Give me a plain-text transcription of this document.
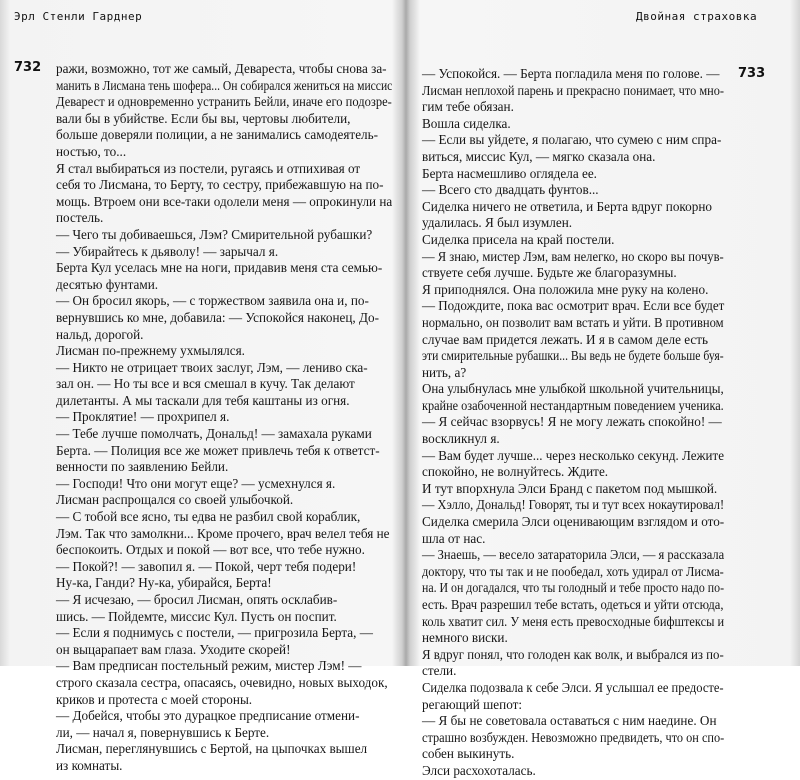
Эрл Стенли Гарднер
732 ражи, возможно, тот же самый, Девареста, чтобы снова за-
манить в Лисмана тень шофера... Он собирался жениться на миссис
Деварест и одновременно устранить Бейли, иначе его подозре-
вали бы в убийстве. Если бы вы, чертовы любители,
больше доверяли полиции, а не занимались самодеятель-
ностью, то...
Я стал выбираться из постели, ругаясь и отпихивая от
себя то Лисмана, то Берту, то сестру, прибежавшую на по-
мощь. Втроем они все-таки одолели меня — опрокинули на
постель.
— Чего ты добиваешься, Лэм? Смирительной рубашки?
— Убирайтесь к дьяволу! — зарычал я.
Берта Кул уселась мне на ноги, придавив меня ста семью-
десятью фунтами.
— Он бросил якорь, — с торжеством заявила она и, по-
вернувшись ко мне, добавила: — Успокойся наконец, До-
нальд, дорогой.
Лисман по-прежнему ухмылялся.
— Никто не отрицает твоих заслуг, Лэм, — лениво ска-
зал он. — Но ты все и вся смешал в кучу. Так делают
дилетанты. А мы таскали для тебя каштаны из огня.
— Проклятие! — прохрипел я.
— Тебе лучше помолчать, Дональд! — замахала руками
Берта. — Полиция все же может привлечь тебя к ответст-
венности по заявлению Бейли.
— Господи! Что они могут еще? — усмехнулся я.
Лисман распрощался со своей улыбочкой.
— С тобой все ясно, ты едва не разбил свой кораблик,
Лэм. Так что замолкни... Кроме прочего, врач велел тебя не
беспокоить. Отдых и покой — вот все, что тебе нужно.
— Покой?! — завопил я. — Покой, черт тебя подери!
Ну-ка, Ганди? Ну-ка, убирайся, Берта!
— Я исчезаю, — бросил Лисман, опять осклабив-
шись. — Пойдемте, миссис Кул. Пусть он поспит.
— Если я поднимусь с постели, — пригрозила Берта, —
он выцарапает вам глаза. Уходите скорей!
— Вам предписан постельный режим, мистер Лэм! —
строго сказала сестра, опасаясь, очевидно, новых выходок,
криков и протеста с моей стороны.
— Добейся, чтобы это дурацкое предписание отмени-
ли, — начал я, повернувшись к Берте.
Лисман, переглянувшись с Бертой, на цыпочках вышел
из комнаты.
Двойная страховка
733
— Успокойся. — Берта погладила меня по голове. —
Лисман неплохой парень и прекрасно понимает, что мно-
гим тебе обязан.
Вошла сиделка.
— Если вы уйдете, я полагаю, что сумею с ним спра-
виться, миссис Кул, — мягко сказала она.
Берта насмешливо оглядела ее.
— Всего сто двадцать фунтов...
Сиделка ничего не ответила, и Берта вдруг покорно
удалилась. Я был изумлен.
Сиделка присела на край постели.
— Я знаю, мистер Лэм, вам нелегко, но скоро вы почув-
ствуете себя лучше. Будьте же благоразумны.
Я приподнялся. Она положила мне руку на колено.
— Подождите, пока вас осмотрит врач. Если все будет
нормально, он позволит вам встать и уйти. В противном
случае вам придется лежать. И я в самом деле есть
эти смирительные рубашки... Вы ведь не будете больше буя-
нить, а?
Она улыбнулась мне улыбкой школьной учительницы,
крайне озабоченной нестандартным поведением ученика.
— Я сейчас взорвусь! Я не могу лежать спокойно! —
воскликнул я.
— Вам будет лучше... через несколько секунд. Лежите
спокойно, не волнуйтесь. Ждите.
И тут впорхнула Элси Бранд с пакетом под мышкой.
— Хэлло, Дональд! Говорят, ты и тут всех нокаутировал!
Сиделка смерила Элси оценивающим взглядом и ото-
шла от нас.
— Знаешь, — весело затараторила Элси, — я рассказала
доктору, что ты так и не пообедал, хоть удирал от Лисма-
на. И он догадался, что ты голодный и тебе просто надо по-
есть. Врач разрешил тебе встать, одеться и уйти отсюда,
коль хватит сил. У меня есть превосходные бифштексы и
немного виски.
Я вдруг понял, что голоден как волк, и выбрался из по-
стели.
Сиделка подозвала к себе Элси. Я услышал ее предосте-
регающий шепот:
— Я бы не советовала оставаться с ним наедине. Он
страшно возбужден. Невозможно предвидеть, что он спо-
собен выкинуть.
Элси расхохоталась.
